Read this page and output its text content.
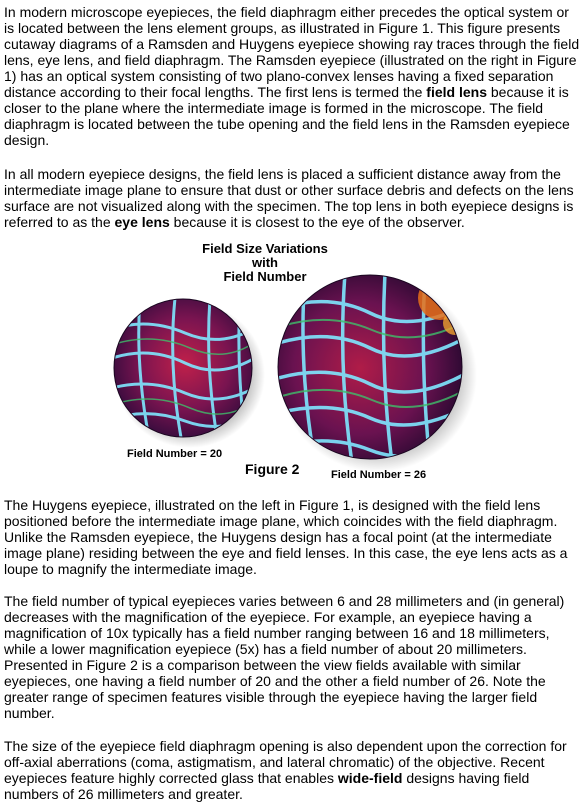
In modern microscope eyepieces, the field diaphragm either precedes the optical system or is located between the lens element groups, as illustrated in Figure 1. This figure presents cutaway diagrams of a Ramsden and Huygens eyepiece showing ray traces through the field lens, eye lens, and field diaphragm. The Ramsden eyepiece (illustrated on the right in Figure 1) has an optical system consisting of two plano-convex lenses having a fixed separation distance according to their focal lengths. The first lens is termed the field lens because it is closer to the plane where the intermediate image is formed in the microscope. The field diaphragm is located between the tube opening and the field lens in the Ramsden eyepiece design.

In all modern eyepiece designs, the field lens is placed a sufficient distance away from the intermediate image plane to ensure that dust or other surface debris and defects on the lens surface are not visualized along with the specimen. The top lens in both eyepiece designs is referred to as the eye lens because it is closest to the eye of the observer.

Field Size Variations
with
Field Number
Field Number = 20
Figure 2	Field Number = 26

The Huygens eyepiece, illustrated on the left in Figure 1, is designed with the field lens positioned before the intermediate image plane, which coincides with the field diaphragm. Unlike the Ramsden eyepiece, the Huygens design has a focal point (at the intermediate image plane) residing between the eye and field lenses. In this case, the eye lens acts as a loupe to magnify the intermediate image.

The field number of typical eyepieces varies between 6 and 28 millimeters and (in general) decreases with the magnification of the eyepiece. For example, an eyepiece having a magnification of 10x typically has a field number ranging between 16 and 18 millimeters, while a lower magnification eyepiece (5x) has a field number of about 20 millimeters. Presented in Figure 2 is a comparison between the view fields available with similar eyepieces, one having a field number of 20 and the other a field number of 26. Note the greater range of specimen features visible through the eyepiece having the larger field number.

The size of the eyepiece field diaphragm opening is also dependent upon the correction for off-axial aberrations (coma, astigmatism, and lateral chromatic) of the objective. Recent eyepieces feature highly corrected glass that enables wide-field designs having field numbers of 26 millimeters and greater.
